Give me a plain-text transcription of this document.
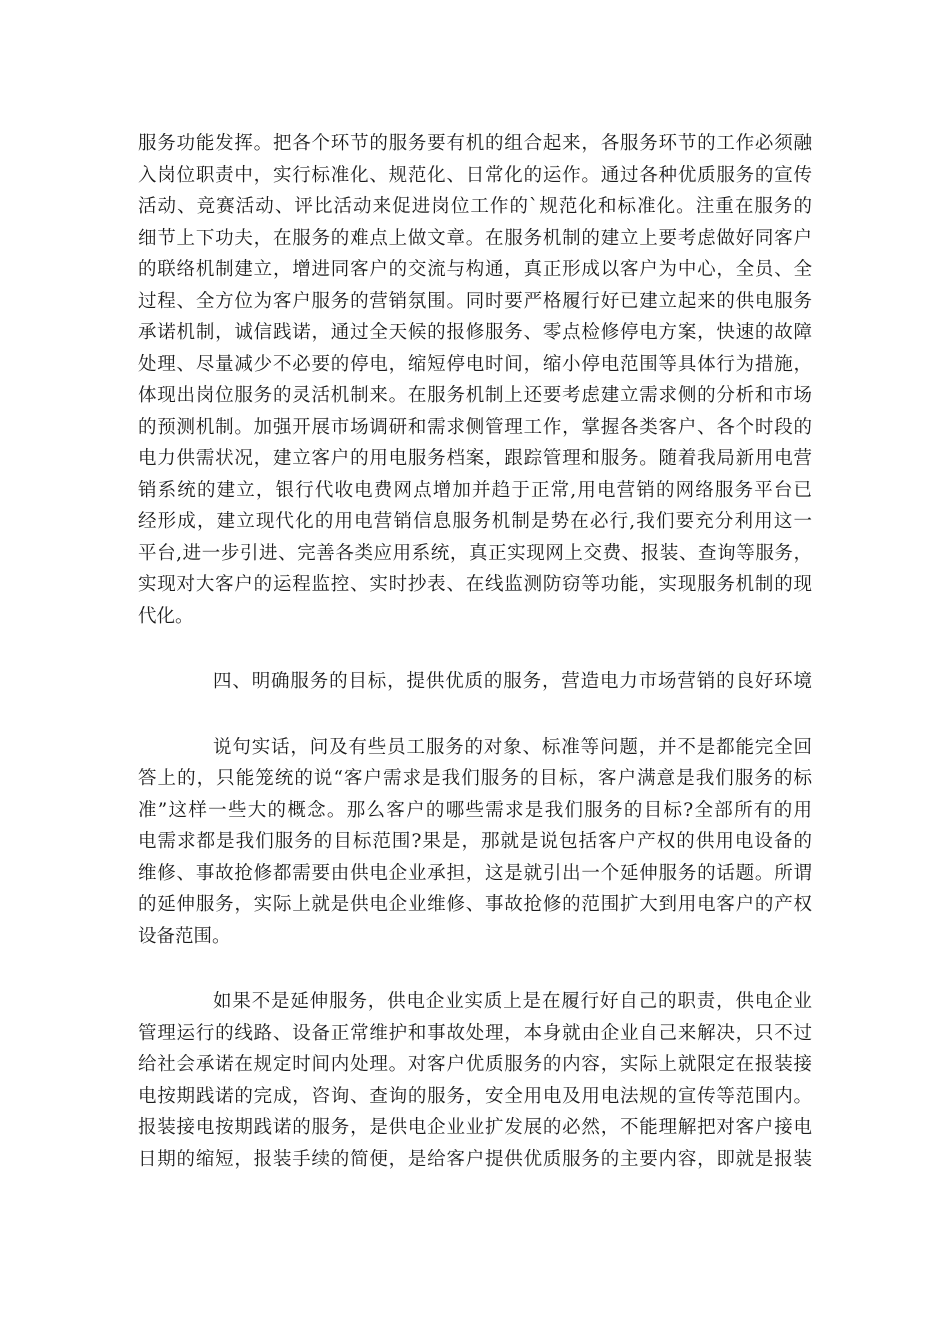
服务功能发挥。把各个环节的服务要有机的组合起来，各服务环节的工作必须融
入岗位职责中，实行标准化、规范化、日常化的运作。通过各种优质服务的宣传
活动、竞赛活动、评比活动来促进岗位工作的`规范化和标准化。注重在服务的
细节上下功夫，在服务的难点上做文章。在服务机制的建立上要考虑做好同客户
的联络机制建立，增进同客户的交流与构通，真正形成以客户为中心，全员、全
过程、全方位为客户服务的营销氛围。同时要严格履行好已建立起来的供电服务
承诺机制，诚信践诺，通过全天候的报修服务、零点检修停电方案，快速的故障
处理、尽量减少不必要的停电，缩短停电时间，缩小停电范围等具体行为措施，
体现出岗位服务的灵活机制来。在服务机制上还要考虑建立需求侧的分析和市场
的预测机制。加强开展市场调研和需求侧管理工作，掌握各类客户、各个时段的
电力供需状况，建立客户的用电服务档案，跟踪管理和服务。随着我局新用电营
销系统的建立，银行代收电费网点增加并趋于正常,用电营销的网络服务平台已
经形成，建立现代化的用电营销信息服务机制是势在必行,我们要充分利用这一
平台,进一步引进、完善各类应用系统，真正实现网上交费、报装、查询等服务，
实现对大客户的运程监控、实时抄表、在线监测防窃等功能，实现服务机制的现
代化。
四、明确服务的目标，提供优质的服务，营造电力市场营销的良好环境
说句实话，问及有些员工服务的对象、标准等问题，并不是都能完全回
答上的，只能笼统的说“客户需求是我们服务的目标，客户满意是我们服务的标
准”这样一些大的概念。那么客户的哪些需求是我们服务的目标?全部所有的用
电需求都是我们服务的目标范围?果是，那就是说包括客户产权的供用电设备的
维修、事故抢修都需要由供电企业承担，这是就引出一个延伸服务的话题。所谓
的延伸服务，实际上就是供电企业维修、事故抢修的范围扩大到用电客户的产权
设备范围。
如果不是延伸服务，供电企业实质上是在履行好自己的职责，供电企业
管理运行的线路、设备正常维护和事故处理，本身就由企业自己来解决，只不过
给社会承诺在规定时间内处理。对客户优质服务的内容，实际上就限定在报装接
电按期践诺的完成，咨询、查询的服务，安全用电及用电法规的宣传等范围内。
报装接电按期践诺的服务，是供电企业业扩发展的必然，不能理解把对客户接电
日期的缩短，报装手续的简便，是给客户提供优质服务的主要内容，即就是报装
